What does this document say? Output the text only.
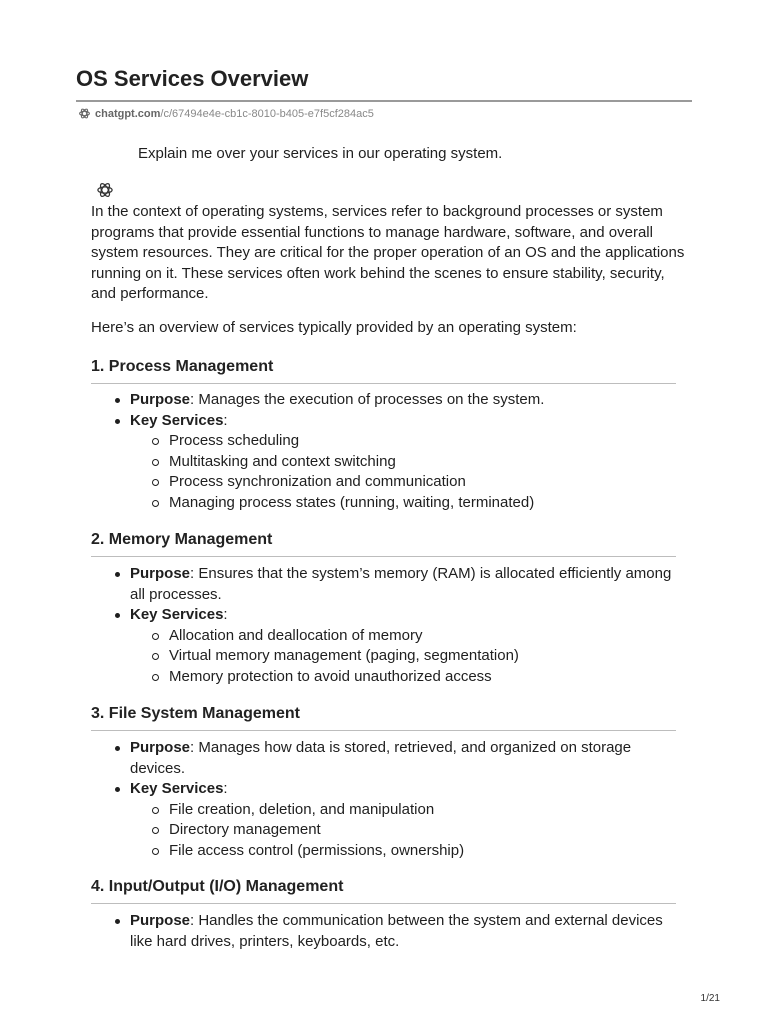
OS Services Overview
chatgpt.com/c/67494e4e-cb1c-8010-b405-e7f5cf284ac5
Explain me over your services in our operating system.

In the context of operating systems, services refer to background processes or system programs that provide essential functions to manage hardware, software, and overall system resources. They are critical for the proper operation of an OS and the applications running on it. These services often work behind the scenes to ensure stability, security, and performance.

Here’s an overview of services typically provided by an operating system:

1. Process Management
Purpose: Manages the execution of processes on the system.
Key Services:
Process scheduling
Multitasking and context switching
Process synchronization and communication
Managing process states (running, waiting, terminated)
2. Memory Management
Purpose: Ensures that the system’s memory (RAM) is allocated efficiently among all processes.
Key Services:
Allocation and deallocation of memory
Virtual memory management (paging, segmentation)
Memory protection to avoid unauthorized access
3. File System Management
Purpose: Manages how data is stored, retrieved, and organized on storage devices.
Key Services:
File creation, deletion, and manipulation
Directory management
File access control (permissions, ownership)
4. Input/Output (I/O) Management
Purpose: Handles the communication between the system and external devices like hard drives, printers, keyboards, etc.
1/21
